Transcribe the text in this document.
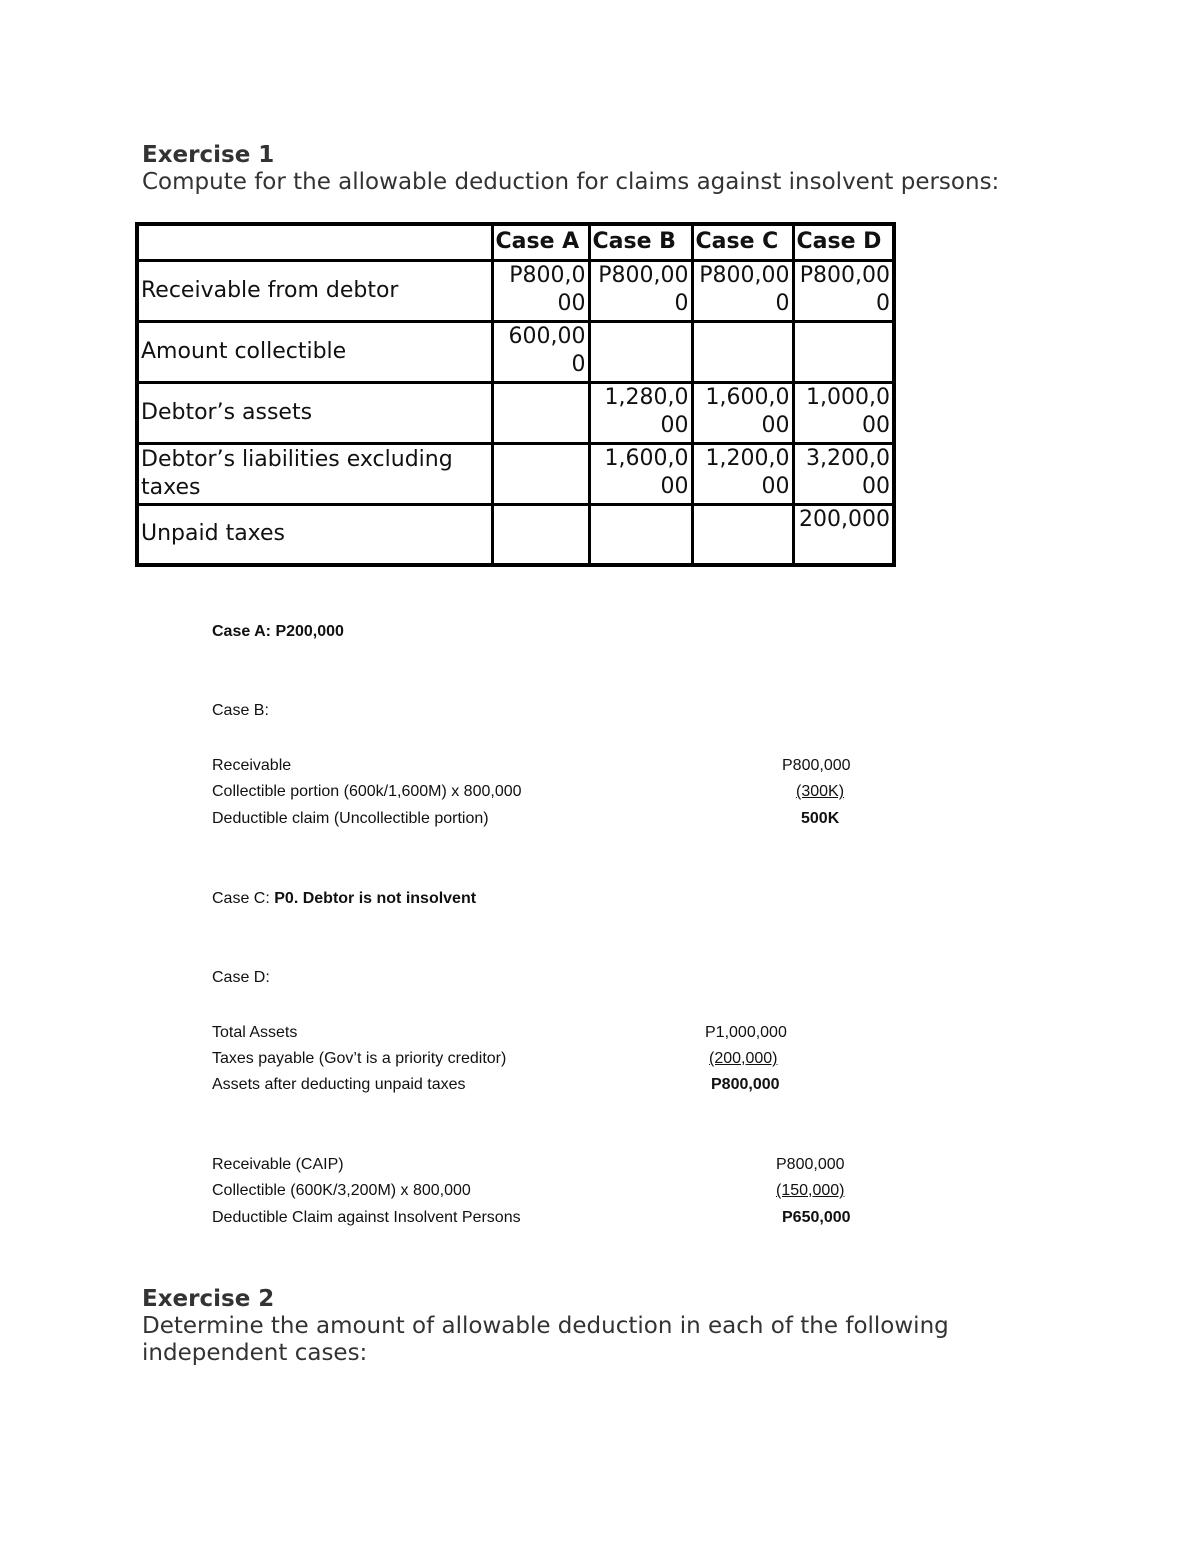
Exercise 1
Compute for the allowable deduction for claims against insolvent persons:
	Case A	Case B	Case C	Case D
Receivable from debtor	P800,000	P800,000	P800,000	P800,000
Amount collectible	600,000			
Debtor’s assets		1,280,000	1,600,000	1,000,000
Debtor’s liabilities excluding taxes		1,600,000	1,200,000	3,200,000
Unpaid taxes				200,000
Case A: P200,000
Case B:
Receivable	P800,000
Collectible portion (600k/1,600M) x 800,000	(300K)
Deductible claim (Uncollectible portion)	500K
Case C: P0. Debtor is not insolvent
Case D:
Total Assets	P1,000,000
Taxes payable (Gov’t is a priority creditor)	(200,000)
Assets after deducting unpaid taxes	P800,000
Receivable (CAIP)	P800,000
Collectible (600K/3,200M) x 800,000	(150,000)
Deductible Claim against Insolvent Persons	P650,000
Exercise 2
Determine the amount of allowable deduction in each of the following independent cases:
